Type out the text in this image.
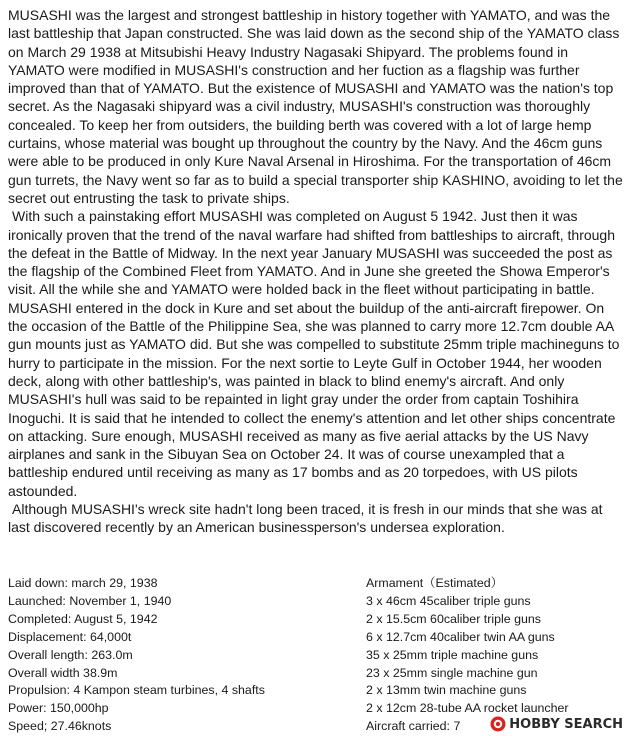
MUSASHI was the largest and strongest battleship in history together with YAMATO, and was the last battleship that Japan constructed. She was laid down as the second ship of the YAMATO class on March 29 1938 at Mitsubishi Heavy Industry Nagasaki Shipyard. The problems found in YAMATO were modified in MUSASHI's construction and her fuction as a flagship was further improved than that of YAMATO. But the existence of MUSASHI and YAMATO was the nation's top secret. As the Nagasaki shipyard was a civil industry, MUSASHI's construction was thoroughly concealed. To keep her from outsiders, the building berth was covered with a lot of large hemp curtains, whose material was bought up throughout the country by the Navy. And the 46cm guns were able to be produced in only Kure Naval Arsenal in Hiroshima. For the transportation of 46cm gun turrets, the Navy went so far as to build a special transporter ship KASHINO, avoiding to let the secret out entrusting the task to private ships.

With such a painstaking effort MUSASHI was completed on August 5 1942. Just then it was ironically proven that the trend of the naval warfare had shifted from battleships to aircraft, through the defeat in the Battle of Midway. In the next year January MUSASHI was succeeded the post as the flagship of the Combined Fleet from YAMATO. And in June she greeted the Showa Emperor's visit. All the while she and YAMATO were holded back in the fleet without participating in battle. MUSASHI entered in the dock in Kure and set about the buildup of the anti-aircraft firepower. On the occasion of the Battle of the Philippine Sea, she was planned to carry more 12.7cm double AA gun mounts just as YAMATO did. But she was compelled to substitute 25mm triple machineguns to hurry to participate in the mission. For the next sortie to Leyte Gulf in October 1944, her wooden deck, along with other battleship's, was painted in black to blind enemy's aircraft. And only MUSASHI's hull was said to be repainted in light gray under the order from captain Toshihira Inoguchi. It is said that he intended to collect the enemy's attention and let other ships concentrate on attacking. Sure enough, MUSASHI received as many as five aerial attacks by the US Navy airplanes and sank in the Sibuyan Sea on October 24. It was of course unexampled that a battleship endured until receiving as many as 17 bombs and as 20 torpedoes, with US pilots astounded.

Although MUSASHI's wreck site hadn't long been traced, it is fresh in our minds that she was at last discovered recently by an American businessperson's undersea exploration.

Laid down: march 29, 1938
Launched: November 1, 1940
Completed: August 5, 1942
Displacement: 64,000t
Overall length: 263.0m
Overall width 38.9m
Propulsion: 4 Kampon steam turbines, 4 shafts
Power: 150,000hp
Speed; 27.46knots
Armament（Estimated）
3 x 46cm 45caliber triple guns
2 x 15.5cm 60caliber triple guns
6 x 12.7cm 40caliber twin AA guns
35 x 25mm triple machine guns
23 x 25mm single machine gun
2 x 13mm twin machine guns
2 x 12cm 28-tube AA rocket launcher
Aircraft carried: 7	HOBBY SEARCH
